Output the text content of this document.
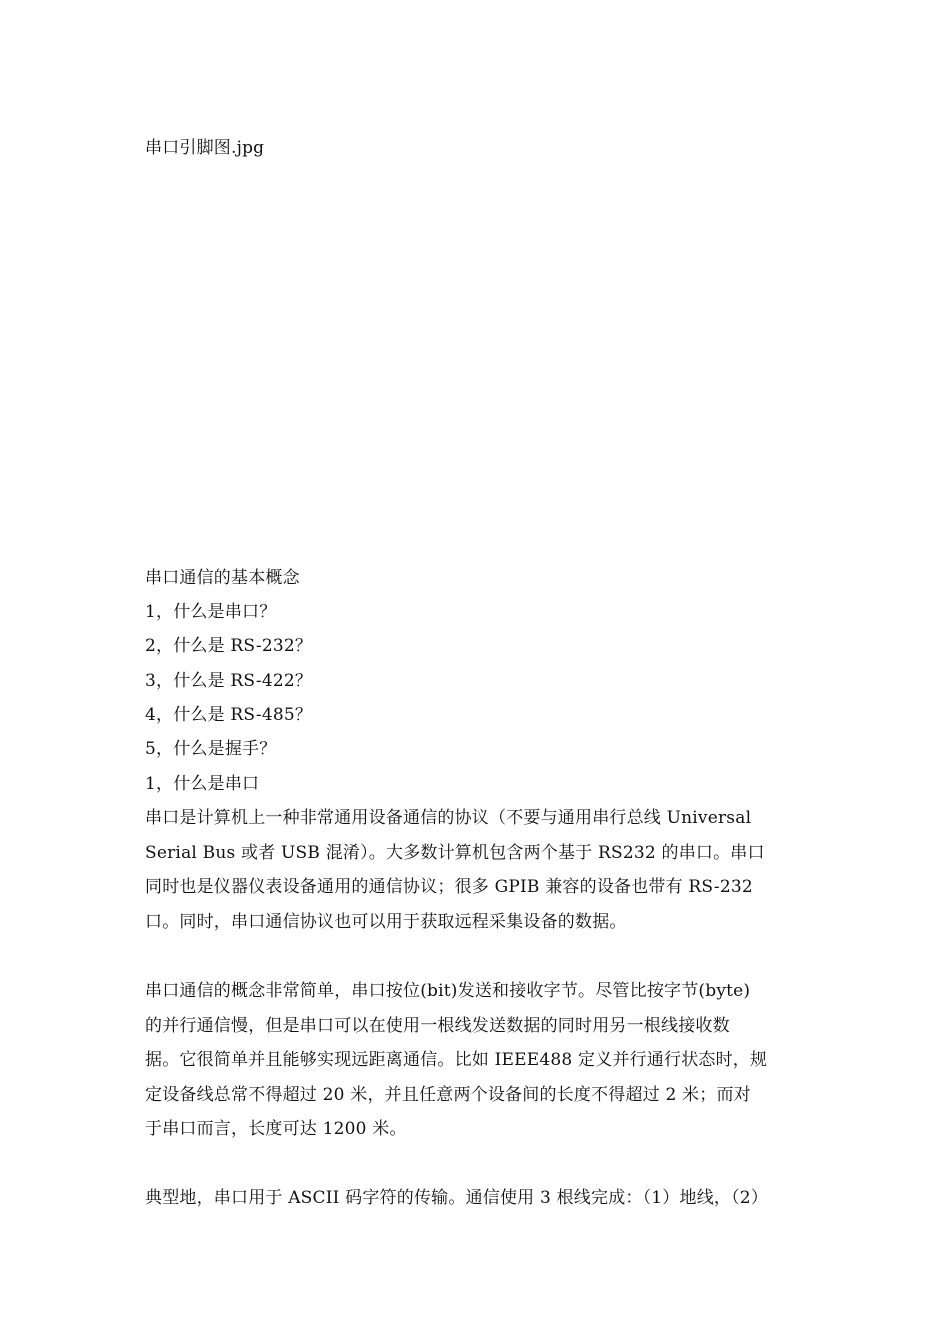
串口引脚图.jpg
串口通信的基本概念
1，什么是串口？
2，什么是 RS-232？
3，什么是 RS-422？
4，什么是 RS-485？
5，什么是握手？
1，什么是串口
串口是计算机上一种非常通用设备通信的协议（不要与通用串行总线 Universal
Serial Bus 或者 USB 混淆）。大多数计算机包含两个基于 RS232 的串口。串口
同时也是仪器仪表设备通用的通信协议；很多 GPIB 兼容的设备也带有 RS-232
口。同时，串口通信协议也可以用于获取远程采集设备的数据。
串口通信的概念非常简单，串口按位(bit)发送和接收字节。尽管比按字节(byte)
的并行通信慢，但是串口可以在使用一根线发送数据的同时用另一根线接收数
据。它很简单并且能够实现远距离通信。比如 IEEE488 定义并行通行状态时，规
定设备线总常不得超过 20 米，并且任意两个设备间的长度不得超过 2 米；而对
于串口而言，长度可达 1200 米。
典型地，串口用于 ASCII 码字符的传输。通信使用 3 根线完成：（1）地线，（2）
